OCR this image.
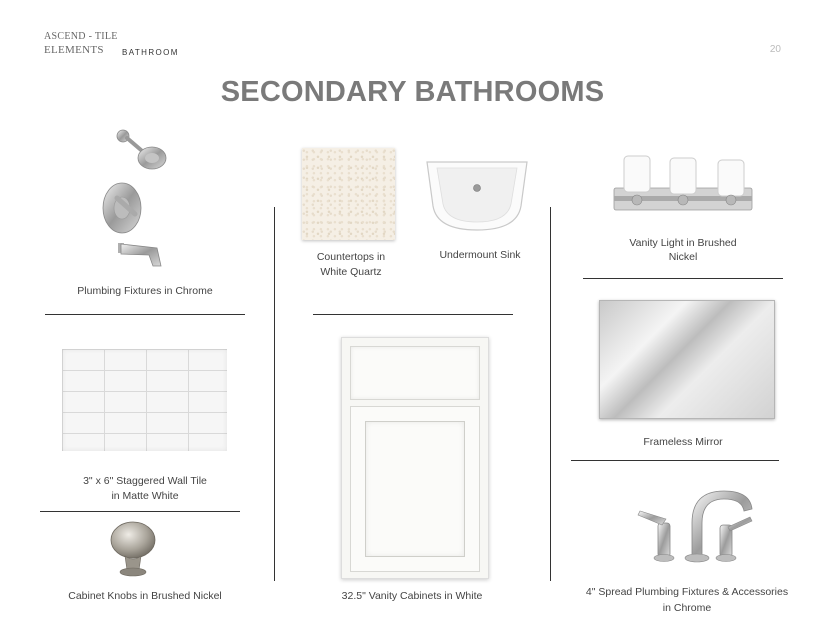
ASCEND - TILE
ELEMENTS BATHROOM	20
SECONDARY BATHROOMS
Plumbing Fixtures in Chrome
Countertops in
White Quartz
Undermount Sink
Vanity Light in Brushed
Nickel
3" x 6" Staggered Wall Tile
in Matte White
Frameless Mirror
32.5" Vanity Cabinets in White
Cabinet Knobs in Brushed Nickel	4" Spread Plumbing Fixtures & Accessories
in Chrome
